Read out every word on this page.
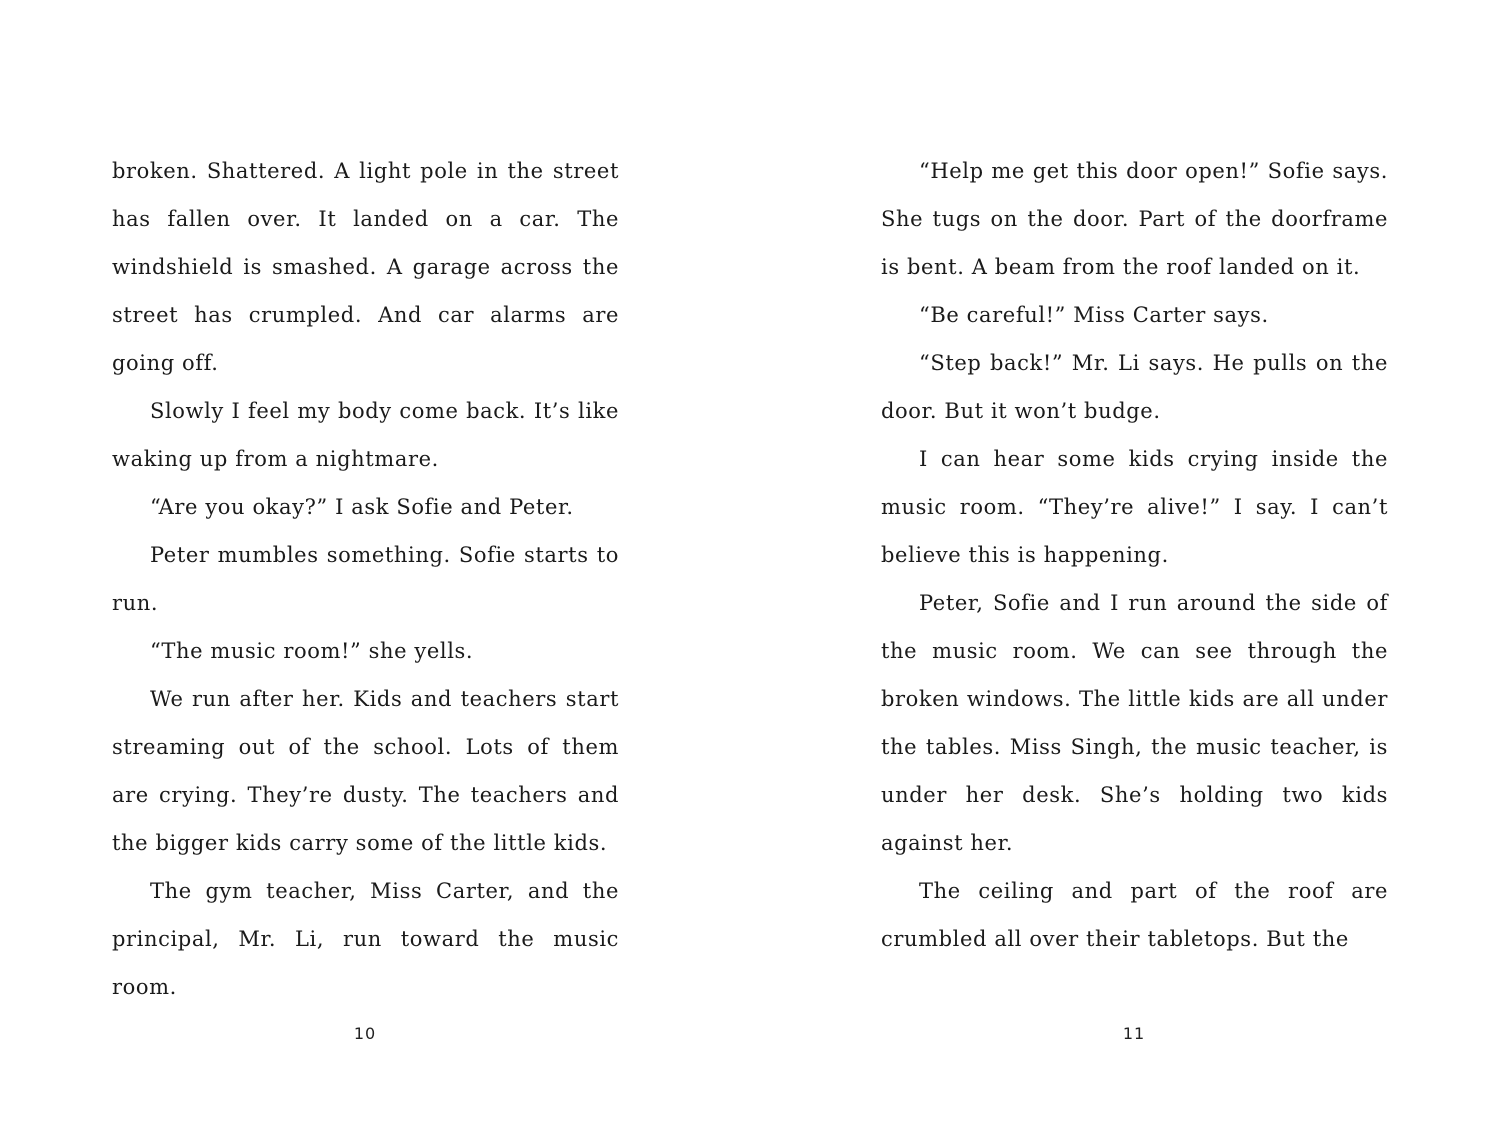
broken. Shattered. A light pole in the street has fallen over. It landed on a car. The windshield is smashed. A garage across the street has crumpled. And car alarms are going off.

Slowly I feel my body come back. It’s like waking up from a nightmare.

“Are you okay?” I ask Sofie and Peter.

Peter mumbles something. Sofie starts to run.

“The music room!” she yells.

We run after her. Kids and teachers start streaming out of the school. Lots of them are crying. They’re dusty. The teachers and the bigger kids carry some of the little kids.

The gym teacher, Miss Carter, and the principal, Mr. Li, run toward the music room.

“Help me get this door open!” Sofie says. She tugs on the door. Part of the doorframe is bent. A beam from the roof landed on it.

“Be careful!” Miss Carter says.

“Step back!” Mr. Li says. He pulls on the door. But it won’t budge.

I can hear some kids crying inside the music room. “They’re alive!” I say. I can’t believe this is happening.

Peter, Sofie and I run around the side of the music room. We can see through the broken windows. The little kids are all under the tables. Miss Singh, the music teacher, is under her desk. She’s holding two kids against her.

The ceiling and part of the roof are crumbled all over their tabletops. But the

10	11
